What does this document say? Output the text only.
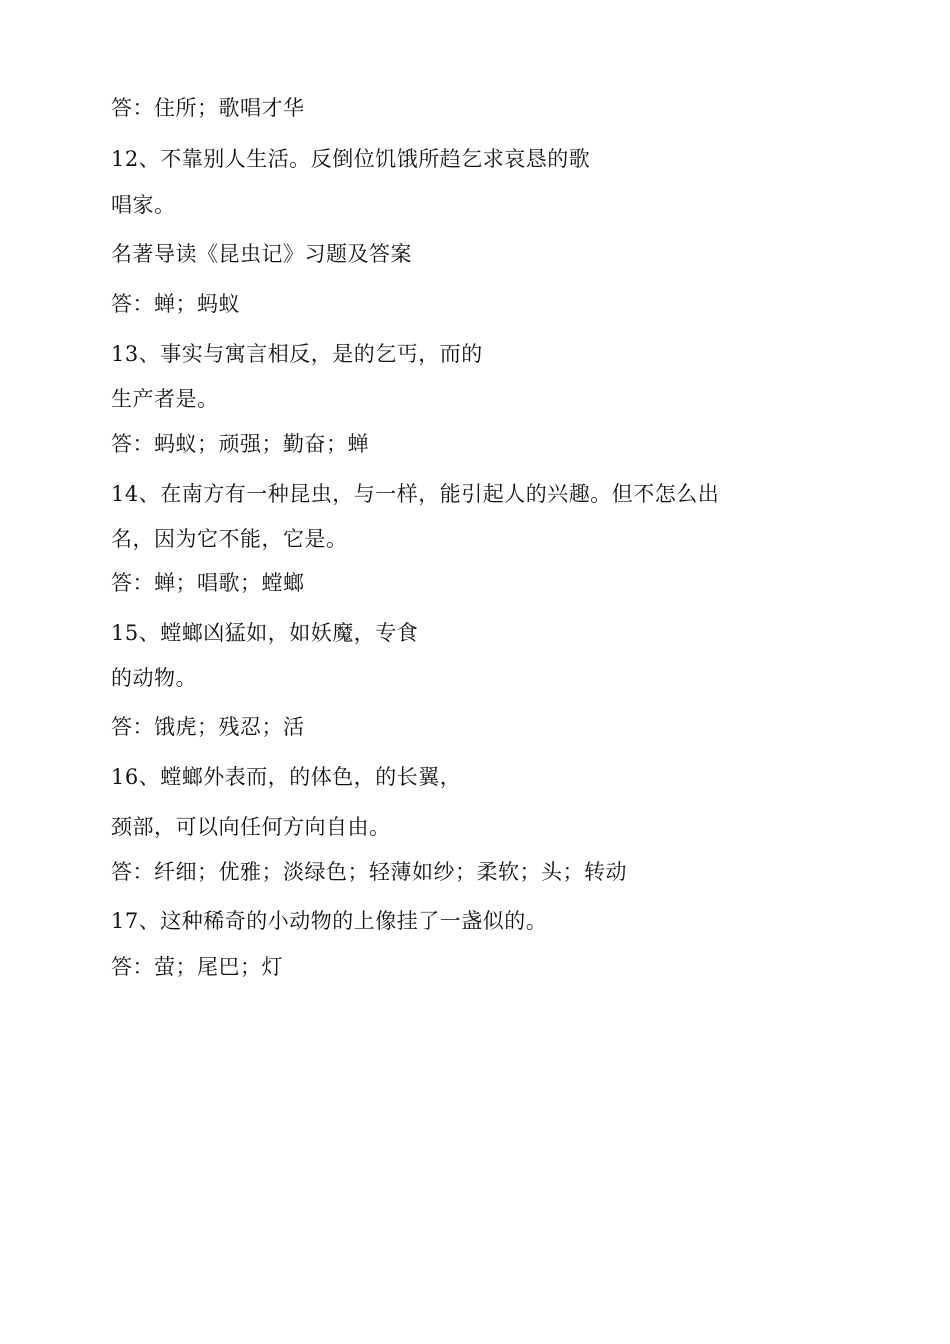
答：住所；歌唱才华
12、不靠别人生活。反倒位饥饿所趋乞求哀恳的歌
唱家。
名著导读《昆虫记》习题及答案
答：蝉；蚂蚁
13、事实与寓言相反，是的乞丐，而的
生产者是。
答：蚂蚁；顽强；勤奋；蝉
14、在南方有一种昆虫，与一样，能引起人的兴趣。但不怎么出
名，因为它不能，它是。
答：蝉；唱歌；螳螂
15、螳螂凶猛如，如妖魔，专食
的动物。
答：饿虎；残忍；活
16、螳螂外表而，的体色，的长翼，
颈部，可以向任何方向自由。
答：纤细；优雅；淡绿色；轻薄如纱；柔软；头；转动
17、这种稀奇的小动物的上像挂了一盏似的。
答：萤；尾巴；灯
